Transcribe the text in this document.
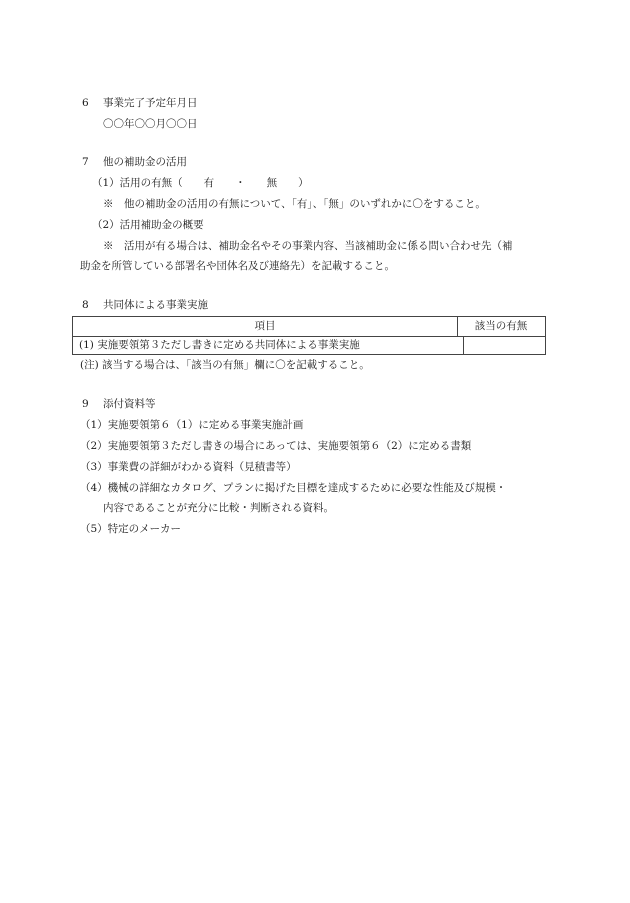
6 事業完了予定年月日
〇〇年〇〇月〇〇日
7 他の補助金の活用
（1）活用の有無（　　有　　・　　無　　）
※　他の補助金の活用の有無について、「有」、「無」のいずれかに〇をすること。
（2）活用補助金の概要
※　活用が有る場合は、補助金名やその事業内容、当該補助金に係る問い合わせ先（補
助金を所管している部署名や団体名及び連絡先）を記載すること。
8 共同体による事業実施
項目	該当の有無
(1) 実施要領第３ただし書きに定める共同体による事業実施
(注) 該当する場合は、「該当の有無」欄に〇を記載すること。
9 添付資料等
（1）実施要領第６（1）に定める事業実施計画
（2）実施要領第３ただし書きの場合にあっては、実施要領第６（2）に定める書類
（3）事業費の詳細がわかる資料（見積書等）
（4）機械の詳細なカタログ、プランに掲げた目標を達成するために必要な性能及び規模・
内容であることが充分に比較・判断される資料。
（5）特定のメーカー
